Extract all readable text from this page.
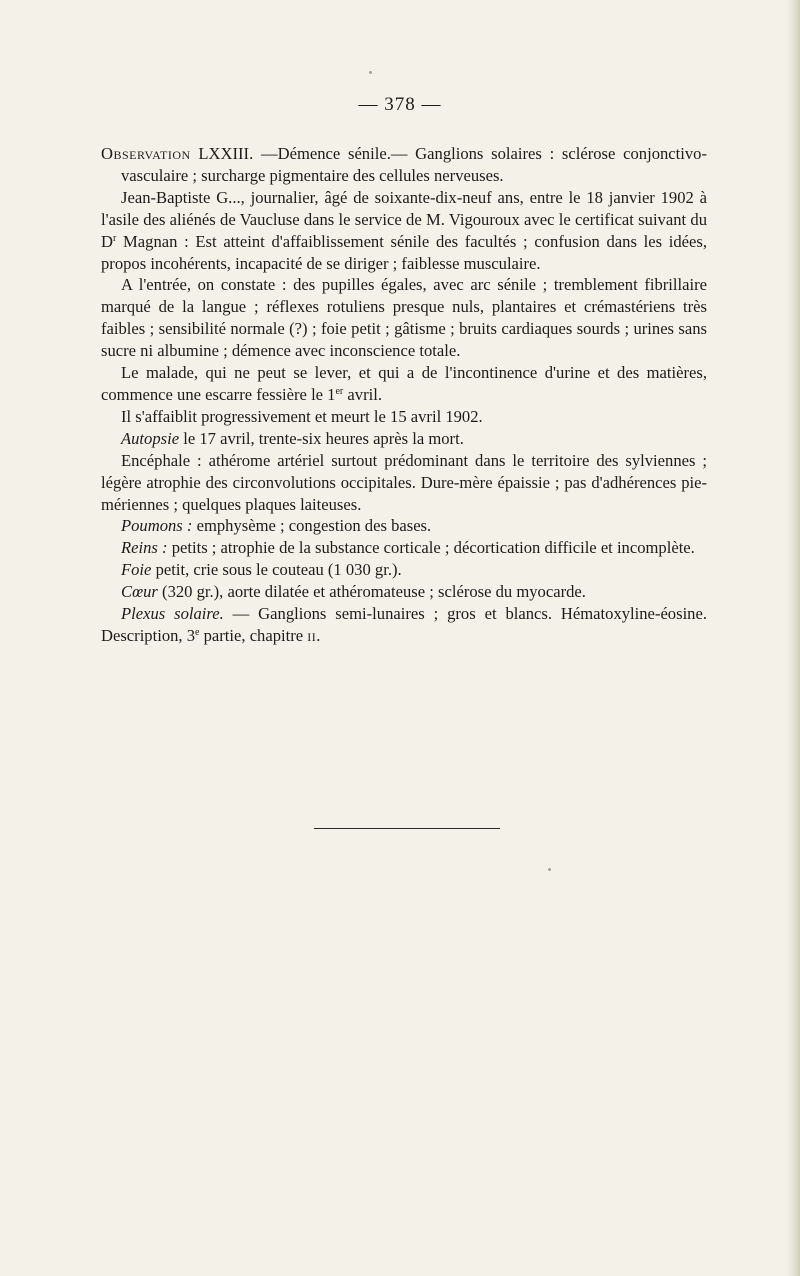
— 378 —

Observation LXXIII. —Démence sénile.— Ganglions solaires : sclérose conjonctivo-vasculaire ; surcharge pigmentaire des cellules nerveuses.

Jean-Baptiste G..., journalier, âgé de soixante-dix-neuf ans, entre le 18 janvier 1902 à l'asile des aliénés de Vaucluse dans le service de M. Vigouroux avec le certificat suivant du $D^r$ Magnan : Est atteint d'affaiblissement sénile des facultés ; confusion dans les idées, propos incohérents, incapacité de se diriger ; faiblesse musculaire.

A l'entrée, on constate : des pupilles égales, avec arc sénile ; tremblement fibrillaire marqué de la langue ; réflexes rotuliens presque nuls, plantaires et crémastériens très faibles ; sensibilité normale (?) ; foie petit ; gâtisme ; bruits cardiaques sourds ; urines sans sucre ni albumine ; démence avec inconscience totale.

Le malade, qui ne peut se lever, et qui a de l'incontinence d'urine et des matières, commence une escarre fessière le 1er avril.

Il s'affaiblit progressivement et meurt le 15 avril 1902.

Autopsie le 17 avril, trente-six heures après la mort.

Encéphale : athérome artériel surtout prédominant dans le territoire des sylviennes ; légère atrophie des circonvolutions occipitales. Dure-mère épaissie ; pas d'adhérences pie-mériennes ; quelques plaques laiteuses.

Poumons : emphysème ; congestion des bases.

Reins : petits ; atrophie de la substance corticale ; décortication difficile et incomplète.

Foie petit, crie sous le couteau (1 030 gr.).

Cœur (320 gr.), aorte dilatée et athéromateuse ; sclérose du myocarde.

Plexus solaire. — Ganglions semi-lunaires ; gros et blancs. Hématoxyline-éosine. Description, 3e partie, chapitre ii.
